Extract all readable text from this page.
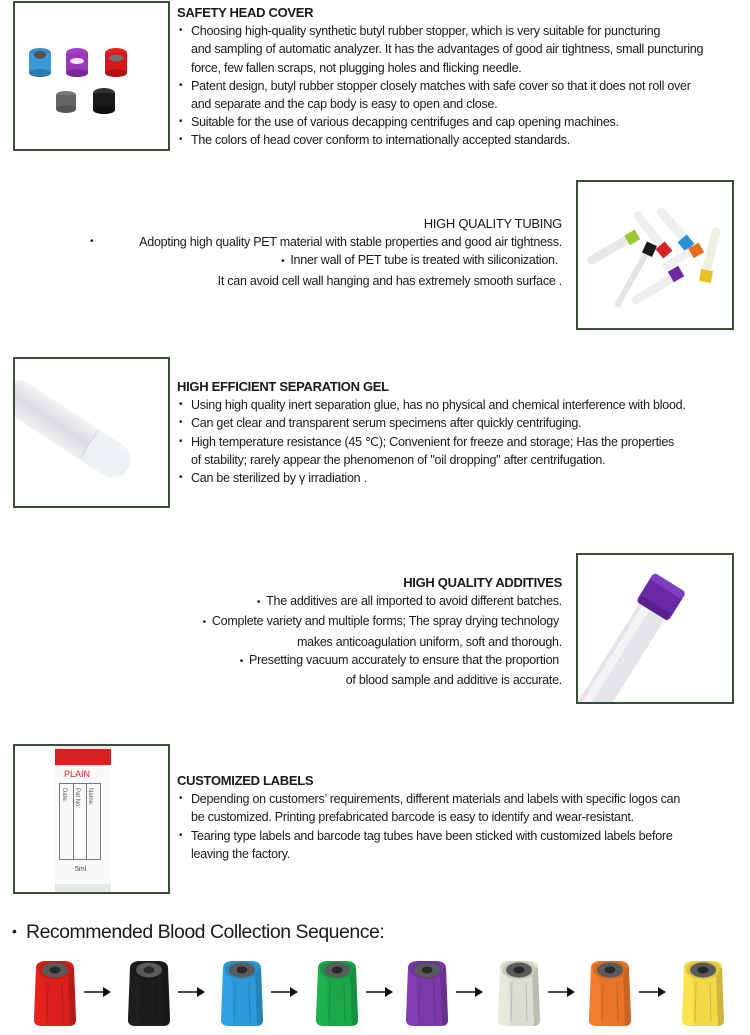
SAFETY HEAD COVER
• Choosing high-quality synthetic butyl rubber stopper, which is very suitable for puncturing
and sampling of automatic analyzer. It has the advantages of good air tightness, small puncturing
force, few fallen scraps, not plugging holes and flicking needle.
• Patent design, butyl rubber stopper closely matches with safe cover so that it does not roll over
and separate and the cap body is easy to open and close.
• Suitable for the use of various decapping centrifuges and cap opening machines.
• The colors of head cover conform to internationally accepted standards.
HIGH QUALITY TUBING
•	Adopting high quality PET material with stable properties and good air tightness.
• Inner wall of PET tube is treated with siliconization.
It can avoid cell wall hanging and has extremely smooth surface .
HIGH EFFICIENT SEPARATION GEL
• Using high quality inert separation glue, has no physical and chemical interference with blood.
• Can get clear and transparent serum specimens after quickly centrifuging.
• High temperature resistance (45 ℃); Convenient for freeze and storage; Has the properties
of stability; rarely appear the phenomenon of "oil dropping" after centrifugation.
• Can be sterilized by γ irradiation .
HIGH QUALITY ADDITIVES
• The additives are all imported to avoid different batches.
• Complete variety and multiple forms; The spray drying technology
makes anticoagulation uniform, soft and thorough.
• Presetting vacuum accurately to ensure that the proportion
of blood sample and additive is accurate.
PLAIN
Date: Pat No: Name:
5ml
CUSTOMIZED LABELS
• Depending on customers’ requirements, different materials and labels with specific logos can
be customized. Printing prefabricated barcode is easy to identify and wear-resistant.
• Tearing type labels and barcode tag tubes have been sticked with customized labels before
leaving the factory.
• Recommended Blood Collection Sequence:
